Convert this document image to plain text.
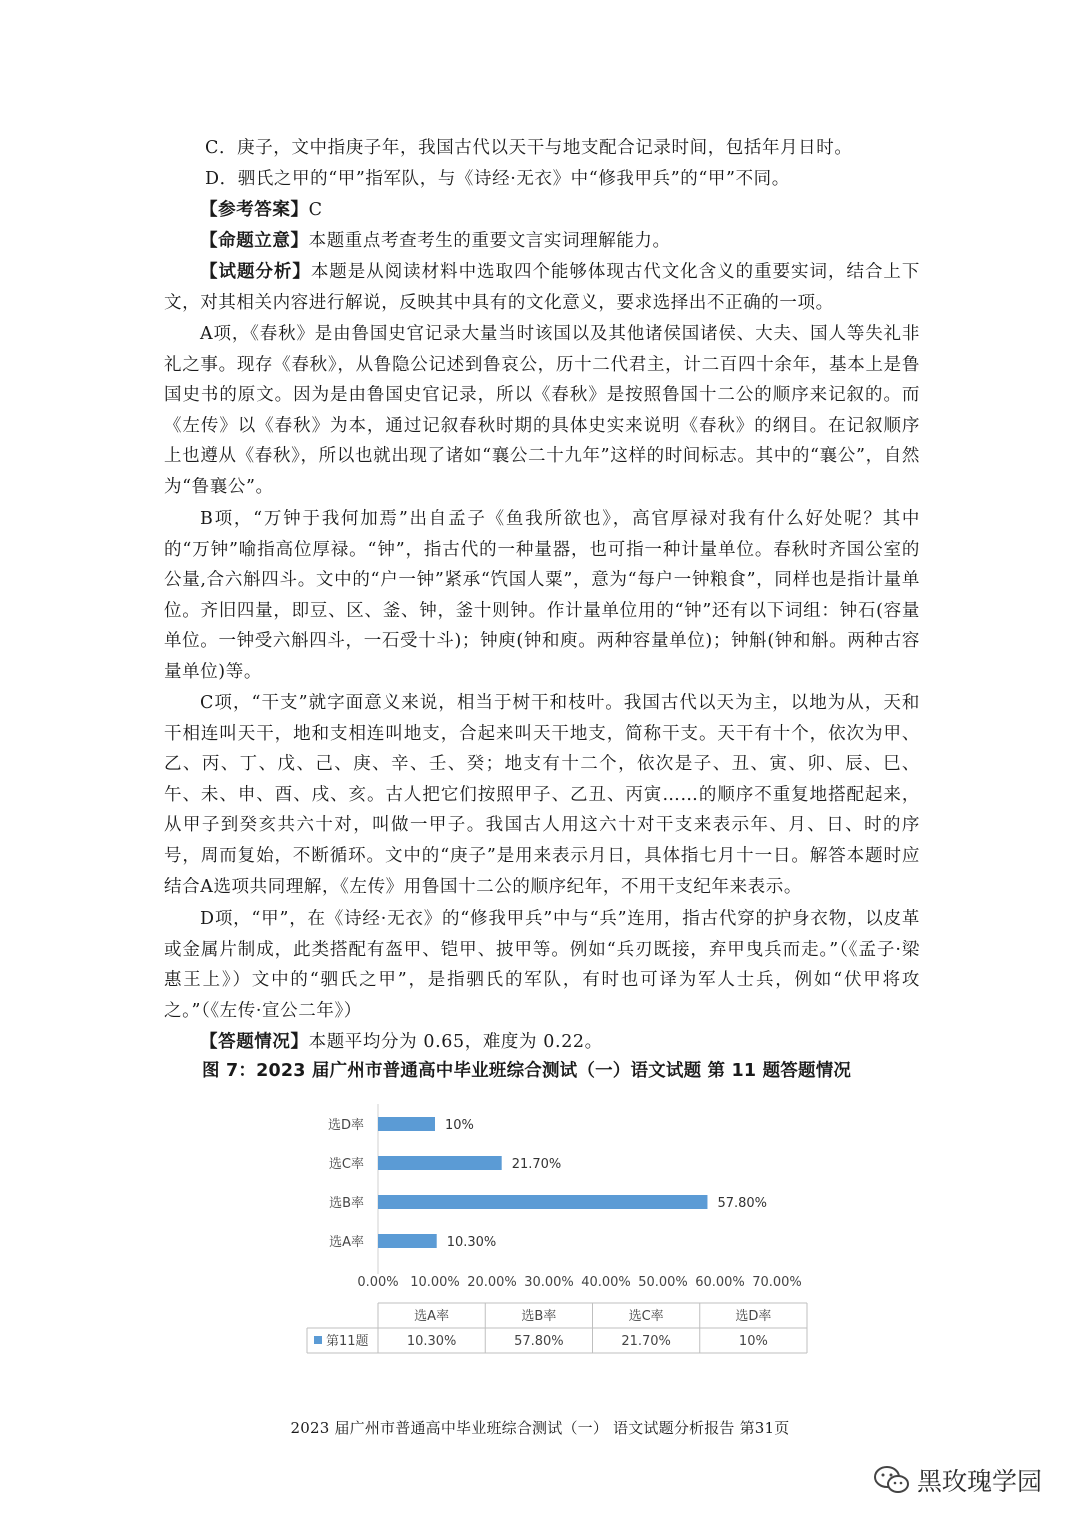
C．庚子，文中指庚子年，我国古代以天干与地支配合记录时间，包括年月日时。

D．驷氏之甲的“甲”指军队，与《诗经·无衣》中“修我甲兵”的“甲”不同。

【参考答案】C

【命题立意】本题重点考查考生的重要文言实词理解能力。

【试题分析】本题是从阅读材料中选取四个能够体现古代文化含义的重要实词，结合上下文，对其相关内容进行解说，反映其中具有的文化意义，要求选择出不正确的一项。

A项，《春秋》是由鲁国史官记录大量当时该国以及其他诸侯国诸侯、大夫、国人等失礼非礼之事。现存《春秋》，从鲁隐公记述到鲁哀公，历十二代君主，计二百四十余年，基本上是鲁国史书的原文。因为是由鲁国史官记录，所以《春秋》是按照鲁国十二公的顺序来记叙的。而《左传》以《春秋》为本，通过记叙春秋时期的具体史实来说明《春秋》的纲目。在记叙顺序上也遵从《春秋》，所以也就出现了诸如“襄公二十九年”这样的时间标志。其中的“襄公”，自然为“鲁襄公”。

B项，“万钟于我何加焉”出自孟子《鱼我所欲也》，高官厚禄对我有什么好处呢？其中的“万钟”喻指高位厚禄。“钟”，指古代的一种量器，也可指一种计量单位。春秋时齐国公室的公量,合六斛四斗。文中的“户一钟”紧承“饩国人粟”，意为“每户一钟粮食”，同样也是指计量单位。齐旧四量，即豆、区、釜、钟，釜十则钟。作计量单位用的“钟”还有以下词组：钟石(容量单位。一钟受六斛四斗，一石受十斗)；钟庾(钟和庾。两种容量单位)；钟斛(钟和斛。两种古容量单位)等。

C项，“干支”就字面意义来说，相当于树干和枝叶。我国古代以天为主，以地为从，天和干相连叫天干，地和支相连叫地支，合起来叫天干地支，简称干支。天干有十个，依次为甲、乙、丙、丁、戊、己、庚、辛、壬、癸；地支有十二个，依次是子、丑、寅、卯、辰、巳、午、未、申、酉、戌、亥。古人把它们按照甲子、乙丑、丙寅……的顺序不重复地搭配起来，从甲子到癸亥共六十对，叫做一甲子。我国古人用这六十对干支来表示年、月、日、时的序号，周而复始，不断循环。文中的“庚子”是用来表示月日，具体指七月十一日。解答本题时应结合A选项共同理解，《左传》用鲁国十二公的顺序纪年，不用干支纪年来表示。

D项，“甲”，在《诗经·无衣》的“修我甲兵”中与“兵”连用，指古代穿的护身衣物，以皮革或金属片制成，此类搭配有盔甲、铠甲、披甲等。例如“兵刃既接，弃甲曳兵而走。”（《孟子·梁惠王上》）文中的“驷氏之甲”，是指驷氏的军队，有时也可译为军人士兵，例如“伏甲将攻之。”（《左传·宣公二年》）

【答题情况】本题平均分为 0.65，难度为 0.22。

图 7：2023 届广州市普通高中毕业班综合测试（一）语文试题 第 11 题答题情况
选A率	10.30%
选B率	57.80%
选C率	21.70%
选D率	10%
0.00% 10.00% 20.00% 30.00% 40.00% 50.00% 60.00% 70.00%
选A率	选B率	选C率	选D率
第11题	10.30%	57.80%	21.70%	10%
2023 届广州市普通高中毕业班综合测试（一） 语文试题分析报告 第31页
黑玫瑰学园
